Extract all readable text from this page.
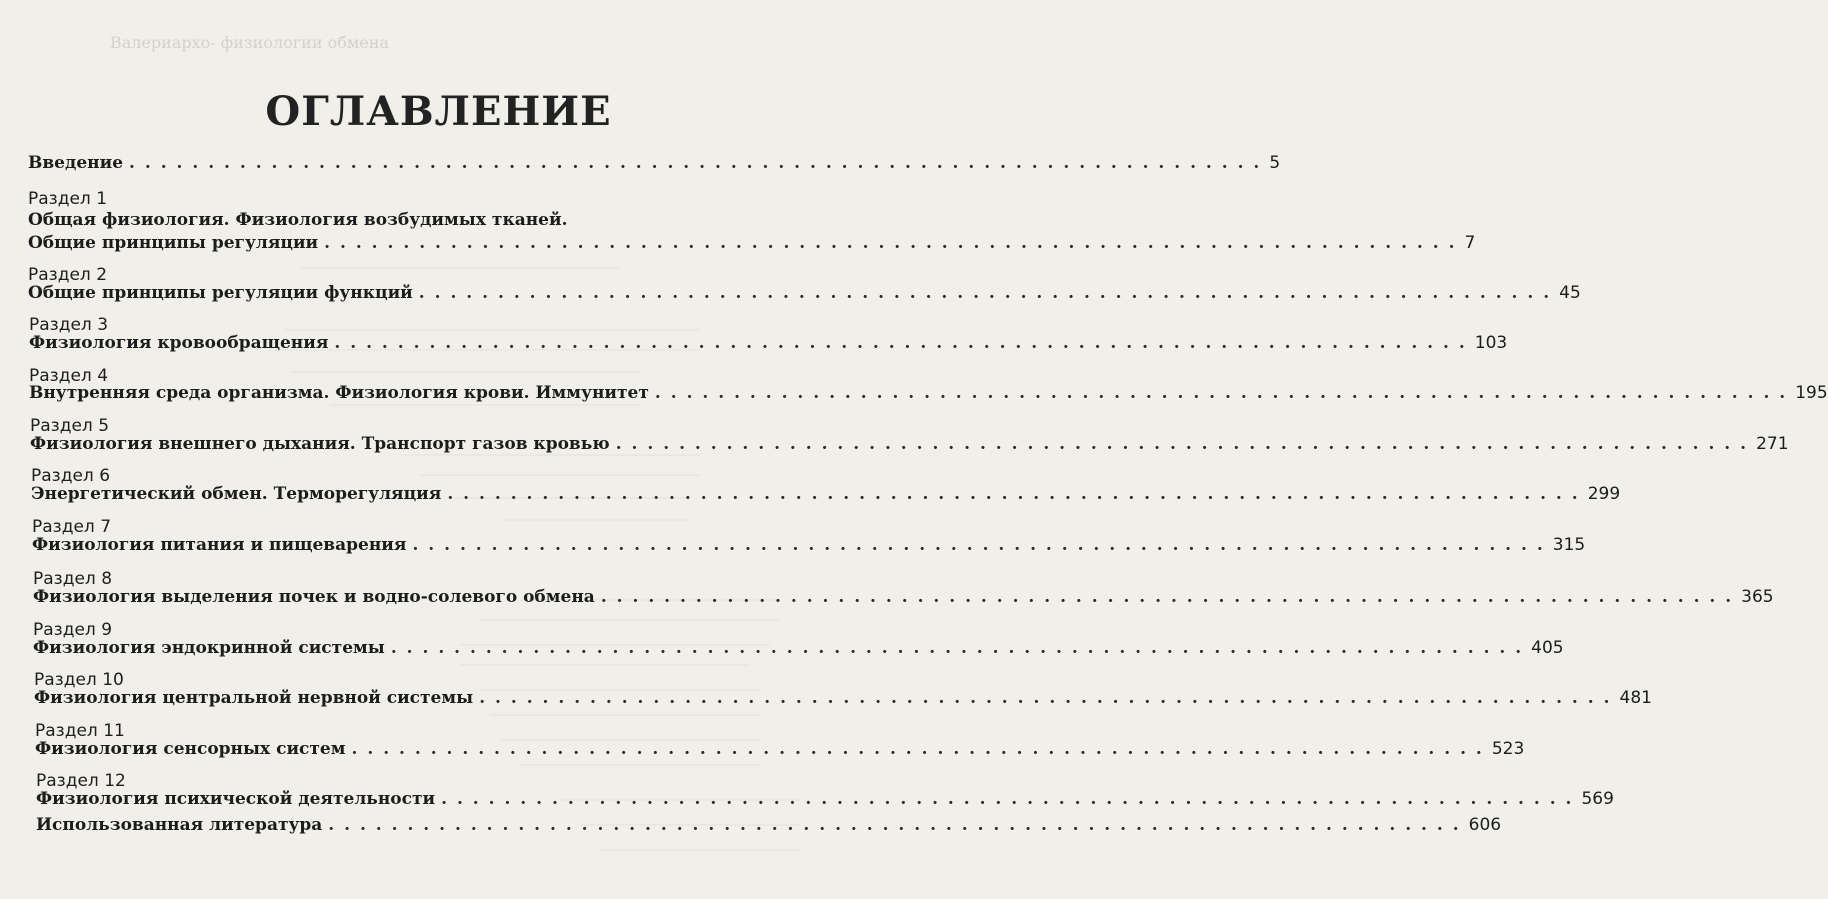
Валериархо- физиологии обмена
ОГЛАВЛЕНИЕ
Введение . . . . . . . . . . . . . . . . . . . . . . . . . . . . . . . . . . . . . . . . . . . . . . . . . . . . . . . . . . . . . . . . . . . . . . . . 5
Раздел 1
Общая физиология. Физиология возбудимых тканей.
Общие принципы регуляции . . . . . . . . . . . . . . . . . . . . . . . . . . . . . . . . . . . . . . . . . . . . . . . . . . . . . . . . . . . . . . . . . . . . . . . . 7
Раздел 2
Общие принципы регуляции функций . . . . . . . . . . . . . . . . . . . . . . . . . . . . . . . . . . . . . . . . . . . . . . . . . . . . . . . . . . . . . . . . . . . . . . . . 45
Раздел 3
Физиология кровообращения . . . . . . . . . . . . . . . . . . . . . . . . . . . . . . . . . . . . . . . . . . . . . . . . . . . . . . . . . . . . . . . . . . . . . . . . 103
Раздел 4
Внутренняя среда организма. Физиология крови. Иммунитет . . . . . . . . . . . . . . . . . . . . . . . . . . . . . . . . . . . . . . . . . . . . . . . . . . . . . . . . . . . . . . . . . . . . . . . . 195
Раздел 5
Физиология внешнего дыхания. Транспорт газов кровью . . . . . . . . . . . . . . . . . . . . . . . . . . . . . . . . . . . . . . . . . . . . . . . . . . . . . . . . . . . . . . . . . . . . . . . . 271
Раздел 6
Энергетический обмен. Терморегуляция . . . . . . . . . . . . . . . . . . . . . . . . . . . . . . . . . . . . . . . . . . . . . . . . . . . . . . . . . . . . . . . . . . . . . . . . 299
Раздел 7
Физиология питания и пищеварения . . . . . . . . . . . . . . . . . . . . . . . . . . . . . . . . . . . . . . . . . . . . . . . . . . . . . . . . . . . . . . . . . . . . . . . . 315
Раздел 8
Физиология выделения почек и водно-солевого обмена . . . . . . . . . . . . . . . . . . . . . . . . . . . . . . . . . . . . . . . . . . . . . . . . . . . . . . . . . . . . . . . . . . . . . . . . 365
Раздел 9
Физиология эндокринной системы . . . . . . . . . . . . . . . . . . . . . . . . . . . . . . . . . . . . . . . . . . . . . . . . . . . . . . . . . . . . . . . . . . . . . . . . 405
Раздел 10
Физиология центральной нервной системы . . . . . . . . . . . . . . . . . . . . . . . . . . . . . . . . . . . . . . . . . . . . . . . . . . . . . . . . . . . . . . . . . . . . . . . . 481
Раздел 11
Физиология сенсорных систем . . . . . . . . . . . . . . . . . . . . . . . . . . . . . . . . . . . . . . . . . . . . . . . . . . . . . . . . . . . . . . . . . . . . . . . . 523
Раздел 12
Физиология психической деятельности . . . . . . . . . . . . . . . . . . . . . . . . . . . . . . . . . . . . . . . . . . . . . . . . . . . . . . . . . . . . . . . . . . . . . . . . 569
Использованная литература . . . . . . . . . . . . . . . . . . . . . . . . . . . . . . . . . . . . . . . . . . . . . . . . . . . . . . . . . . . . . . . . . . . . . . . . 606
